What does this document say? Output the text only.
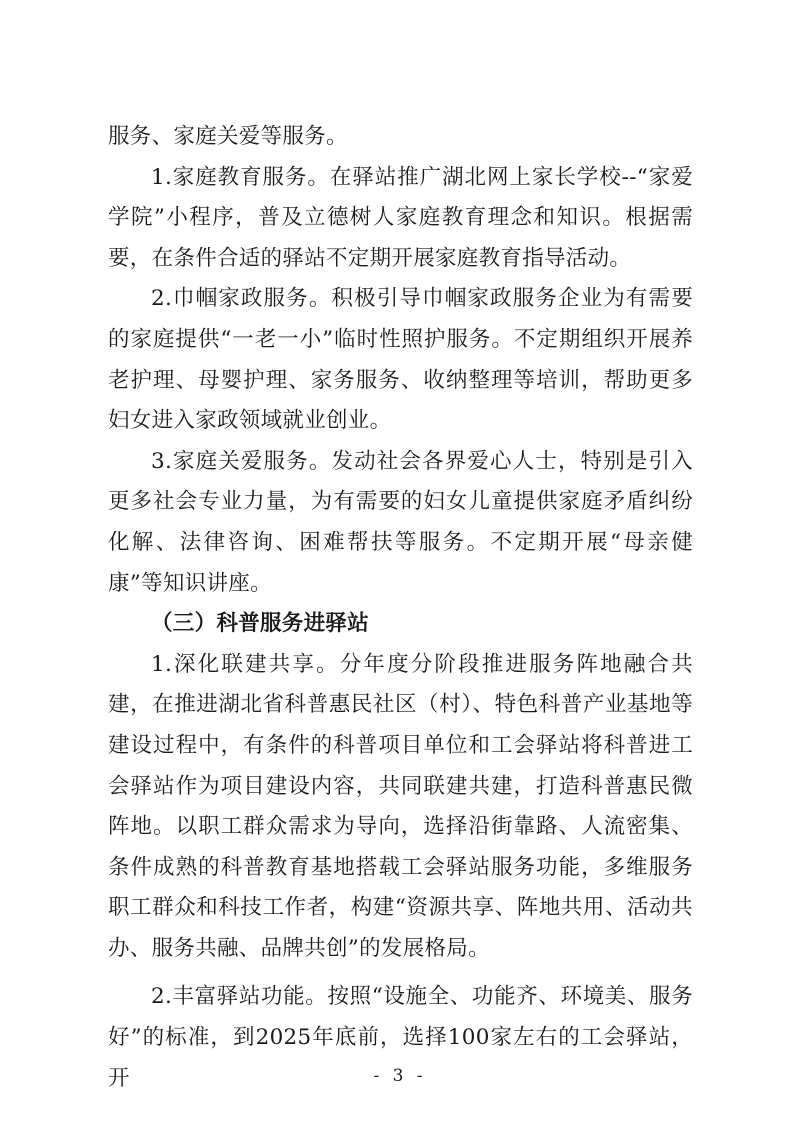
服务、家庭关爱等服务。

1.家庭教育服务。在驿站推广湖北网上家长学校--“家爱学院”小程序，普及立德树人家庭教育理念和知识。根据需要，在条件合适的驿站不定期开展家庭教育指导活动。

2.巾帼家政服务。积极引导巾帼家政服务企业为有需要的家庭提供“一老一小”临时性照护服务。不定期组织开展养老护理、母婴护理、家务服务、收纳整理等培训，帮助更多妇女进入家政领域就业创业。

3.家庭关爱服务。发动社会各界爱心人士，特别是引入更多社会专业力量，为有需要的妇女儿童提供家庭矛盾纠纷化解、法律咨询、困难帮扶等服务。不定期开展“母亲健康”等知识讲座。

（三）科普服务进驿站

1.深化联建共享。分年度分阶段推进服务阵地融合共建，在推进湖北省科普惠民社区（村）、特色科普产业基地等建设过程中，有条件的科普项目单位和工会驿站将科普进工会驿站作为项目建设内容，共同联建共建，打造科普惠民微阵地。以职工群众需求为导向，选择沿街靠路、人流密集、条件成熟的科普教育基地搭载工会驿站服务功能，多维服务职工群众和科技工作者，构建“资源共享、阵地共用、活动共办、服务共融、品牌共创”的发展格局。

2.丰富驿站功能。按照“设施全、功能齐、环境美、服务好”的标准，到2025年底前，选择100家左右的工会驿站，开	- 3 -
